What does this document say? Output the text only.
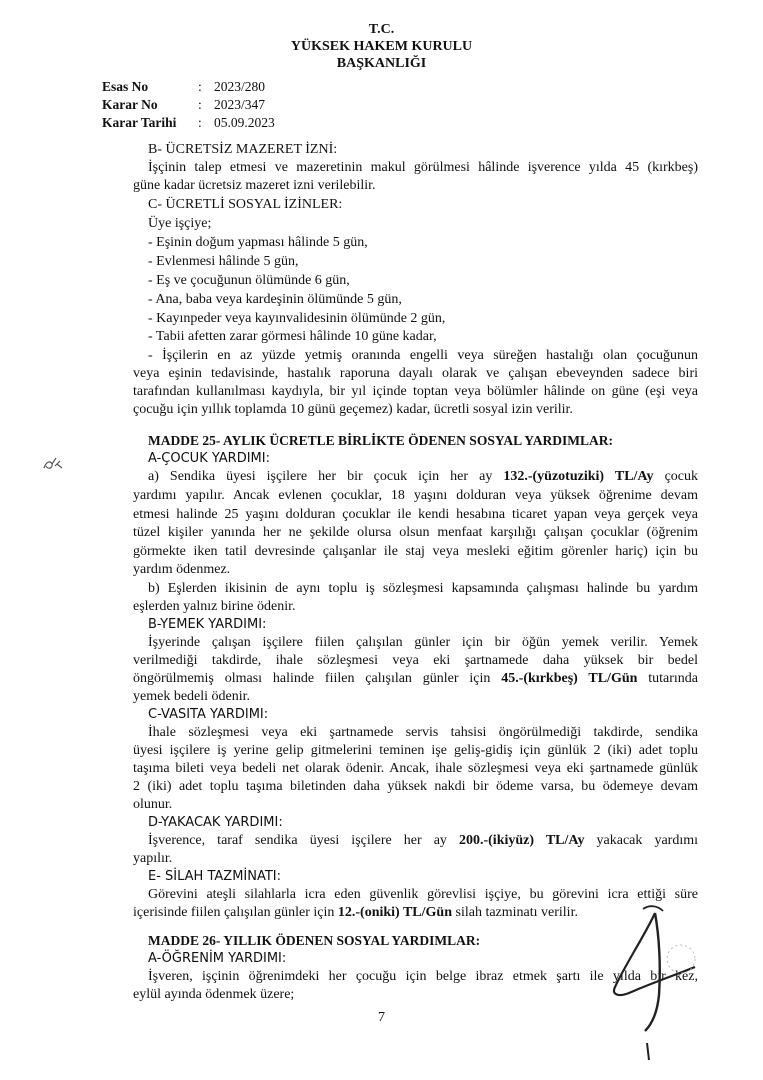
T.C.
YÜKSEK HAKEM KURULU
BAŞKANLIĞI
Esas No	: 2023/280
Karar No	: 2023/347
Karar Tarihi	: 05.09.2023
B- ÜCRETSİZ MAZERET İZNİ:
İşçinin talep etmesi ve mazeretinin makul görülmesi hâlinde işverence yılda 45 (kırkbeş)
güne kadar ücretsiz mazeret izni verilebilir.
C- ÜCRETLİ SOSYAL İZİNLER:
Üye işçiye;
- Eşinin doğum yapması hâlinde 5 gün,
- Evlenmesi hâlinde 5 gün,
- Eş ve çocuğunun ölümünde 6 gün,
- Ana, baba veya kardeşinin ölümünde 5 gün,
- Kayınpeder veya kayınvalidesinin ölümünde 2 gün,
- Tabii afetten zarar görmesi hâlinde 10 güne kadar,
- İşçilerin en az yüzde yetmiş oranında engelli veya süreğen hastalığı olan çocuğunun
veya eşinin tedavisinde, hastalık raporuna dayalı olarak ve çalışan ebeveynden sadece biri
tarafından kullanılması kaydıyla, bir yıl içinde toptan veya bölümler hâlinde on güne (eşi veya
çocuğu için yıllık toplamda 10 günü geçemez) kadar, ücretli sosyal izin verilir.
MADDE 25- AYLIK ÜCRETLE BİRLİKTE ÖDENEN SOSYAL YARDIMLAR:
A-ÇOCUK YARDIMI:
a) Sendika üyesi işçilere her bir çocuk için her ay 132.-(yüzotuziki) TL/Ay çocuk
yardımı yapılır. Ancak evlenen çocuklar, 18 yaşını dolduran veya yüksek öğrenime devam
etmesi halinde 25 yaşını dolduran çocuklar ile kendi hesabına ticaret yapan veya gerçek veya
tüzel kişiler yanında her ne şekilde olursa olsun menfaat karşılığı çalışan çocuklar (öğrenim
görmekte iken tatil devresinde çalışanlar ile staj veya mesleki eğitim görenler hariç) için bu
yardım ödenmez.
b) Eşlerden ikisinin de aynı toplu iş sözleşmesi kapsamında çalışması halinde bu yardım
eşlerden yalnız birine ödenir.
B-YEMEK YARDIMI:
İşyerinde çalışan işçilere fiilen çalışılan günler için bir öğün yemek verilir. Yemek
verilmediği takdirde, ihale sözleşmesi veya eki şartnamede daha yüksek bir bedel
öngörülmemiş olması halinde fiilen çalışılan günler için 45.-(kırkbeş) TL/Gün tutarında
yemek bedeli ödenir.
C-VASITA YARDIMI:
İhale sözleşmesi veya eki şartnamede servis tahsisi öngörülmediği takdirde, sendika
üyesi işçilere iş yerine gelip gitmelerini teminen işe geliş-gidiş için günlük 2 (iki) adet toplu
taşıma bileti veya bedeli net olarak ödenir. Ancak, ihale sözleşmesi veya eki şartnamede günlük
2 (iki) adet toplu taşıma biletinden daha yüksek nakdi bir ödeme varsa, bu ödemeye devam
olunur.
D-YAKACAK YARDIMI:
İşverence, taraf sendika üyesi işçilere her ay 200.-(ikiyüz) TL/Ay yakacak yardımı
yapılır.
E- SİLAH TAZMİNATI:
Görevini ateşli silahlarla icra eden güvenlik görevlisi işçiye, bu görevini icra ettiği süre
içerisinde fiilen çalışılan günler için 12.-(oniki) TL/Gün silah tazminatı verilir.
MADDE 26- YILLIK ÖDENEN SOSYAL YARDIMLAR:
A-ÖĞRENİM YARDIMI:
İşveren, işçinin öğrenimdeki her çocuğu için belge ibraz etmek şartı ile yılda bir kez,
eylül ayında ödenmek üzere;
7
